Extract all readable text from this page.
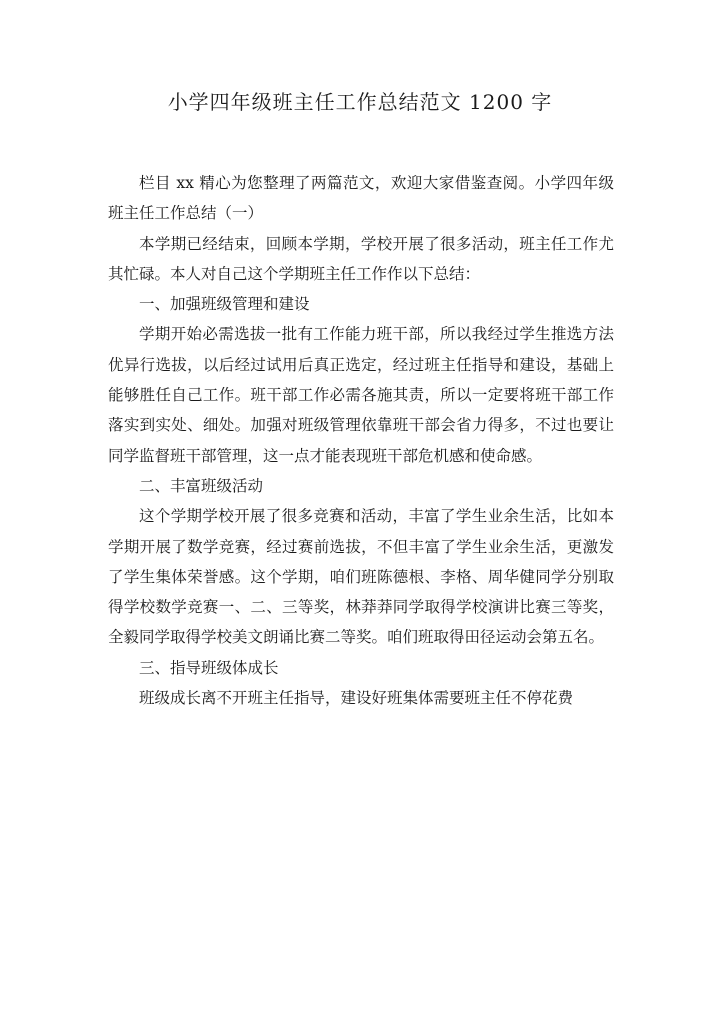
小学四年级班主任工作总结范文 1200 字

栏目 xx 精心为您整理了两篇范文，欢迎大家借鉴查阅。小学四年级班主任工作总结（一）

本学期已经结束，回顾本学期，学校开展了很多活动，班主任工作尤其忙碌。本人对自己这个学期班主任工作作以下总结：

一、加强班级管理和建设

学期开始必需选拔一批有工作能力班干部，所以我经过学生推选方法优异行选拔，以后经过试用后真正选定，经过班主任指导和建设，基础上能够胜任自己工作。班干部工作必需各施其责，所以一定要将班干部工作落实到实处、细处。加强对班级管理依靠班干部会省力得多，不过也要让同学监督班干部管理，这一点才能表现班干部危机感和使命感。

二、丰富班级活动

这个学期学校开展了很多竞赛和活动，丰富了学生业余生活，比如本学期开展了数学竞赛，经过赛前选拔，不但丰富了学生业余生活，更激发了学生集体荣誉感。这个学期，咱们班陈德根、李格、周华健同学分别取得学校数学竞赛一、二、三等奖，林莽莽同学取得学校演讲比赛三等奖，全毅同学取得学校美文朗诵比赛二等奖。咱们班取得田径运动会第五名。

三、指导班级体成长

班级成长离不开班主任指导，建设好班集体需要班主任不停花费
